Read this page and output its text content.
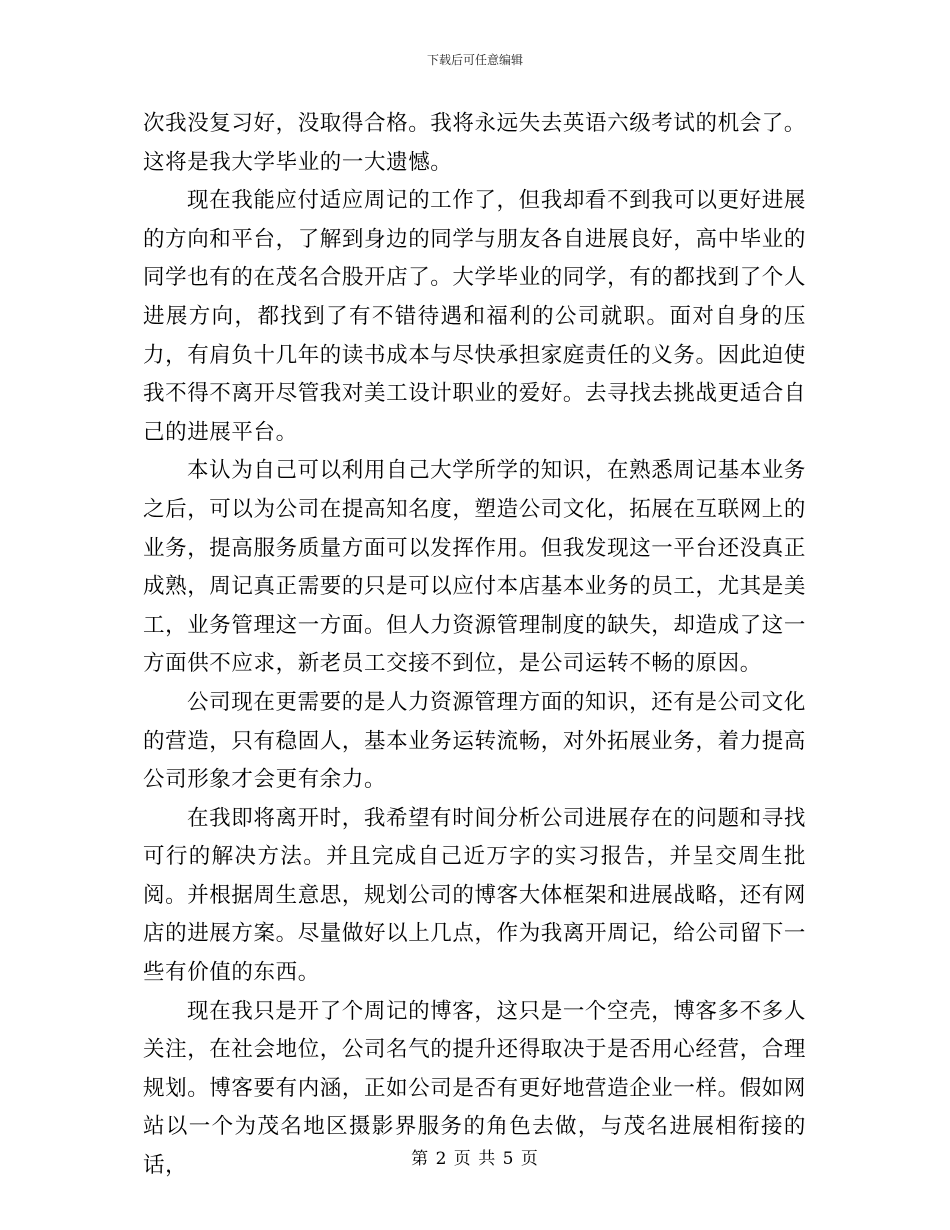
下载后可任意编辑

次我没复习好，没取得合格。我将永远失去英语六级考试的机会了。这将是我大学毕业的一大遗憾。

现在我能应付适应周记的工作了，但我却看不到我可以更好进展的方向和平台，了解到身边的同学与朋友各自进展良好，高中毕业的同学也有的在茂名合股开店了。大学毕业的同学，有的都找到了个人进展方向，都找到了有不错待遇和福利的公司就职。面对自身的压力，有肩负十几年的读书成本与尽快承担家庭责任的义务。因此迫使我不得不离开尽管我对美工设计职业的爱好。去寻找去挑战更适合自己的进展平台。

本认为自己可以利用自己大学所学的知识，在熟悉周记基本业务之后，可以为公司在提高知名度，塑造公司文化，拓展在互联网上的业务，提高服务质量方面可以发挥作用。但我发现这一平台还没真正成熟，周记真正需要的只是可以应付本店基本业务的员工，尤其是美工，业务管理这一方面。但人力资源管理制度的缺失，却造成了这一方面供不应求，新老员工交接不到位，是公司运转不畅的原因。

公司现在更需要的是人力资源管理方面的知识，还有是公司文化的营造，只有稳固人，基本业务运转流畅，对外拓展业务，着力提高公司形象才会更有余力。

在我即将离开时，我希望有时间分析公司进展存在的问题和寻找可行的解决方法。并且完成自己近万字的实习报告，并呈交周生批阅。并根据周生意思，规划公司的博客大体框架和进展战略，还有网店的进展方案。尽量做好以上几点，作为我离开周记，给公司留下一些有价值的东西。

现在我只是开了个周记的博客，这只是一个空壳，博客多不多人关注，在社会地位，公司名气的提升还得取决于是否用心经营，合理规划。博客要有内涵，正如公司是否有更好地营造企业一样。假如网站以一个为茂名地区摄影界服务的角色去做，与茂名进展相衔接的话，	第 2 页 共 5 页
